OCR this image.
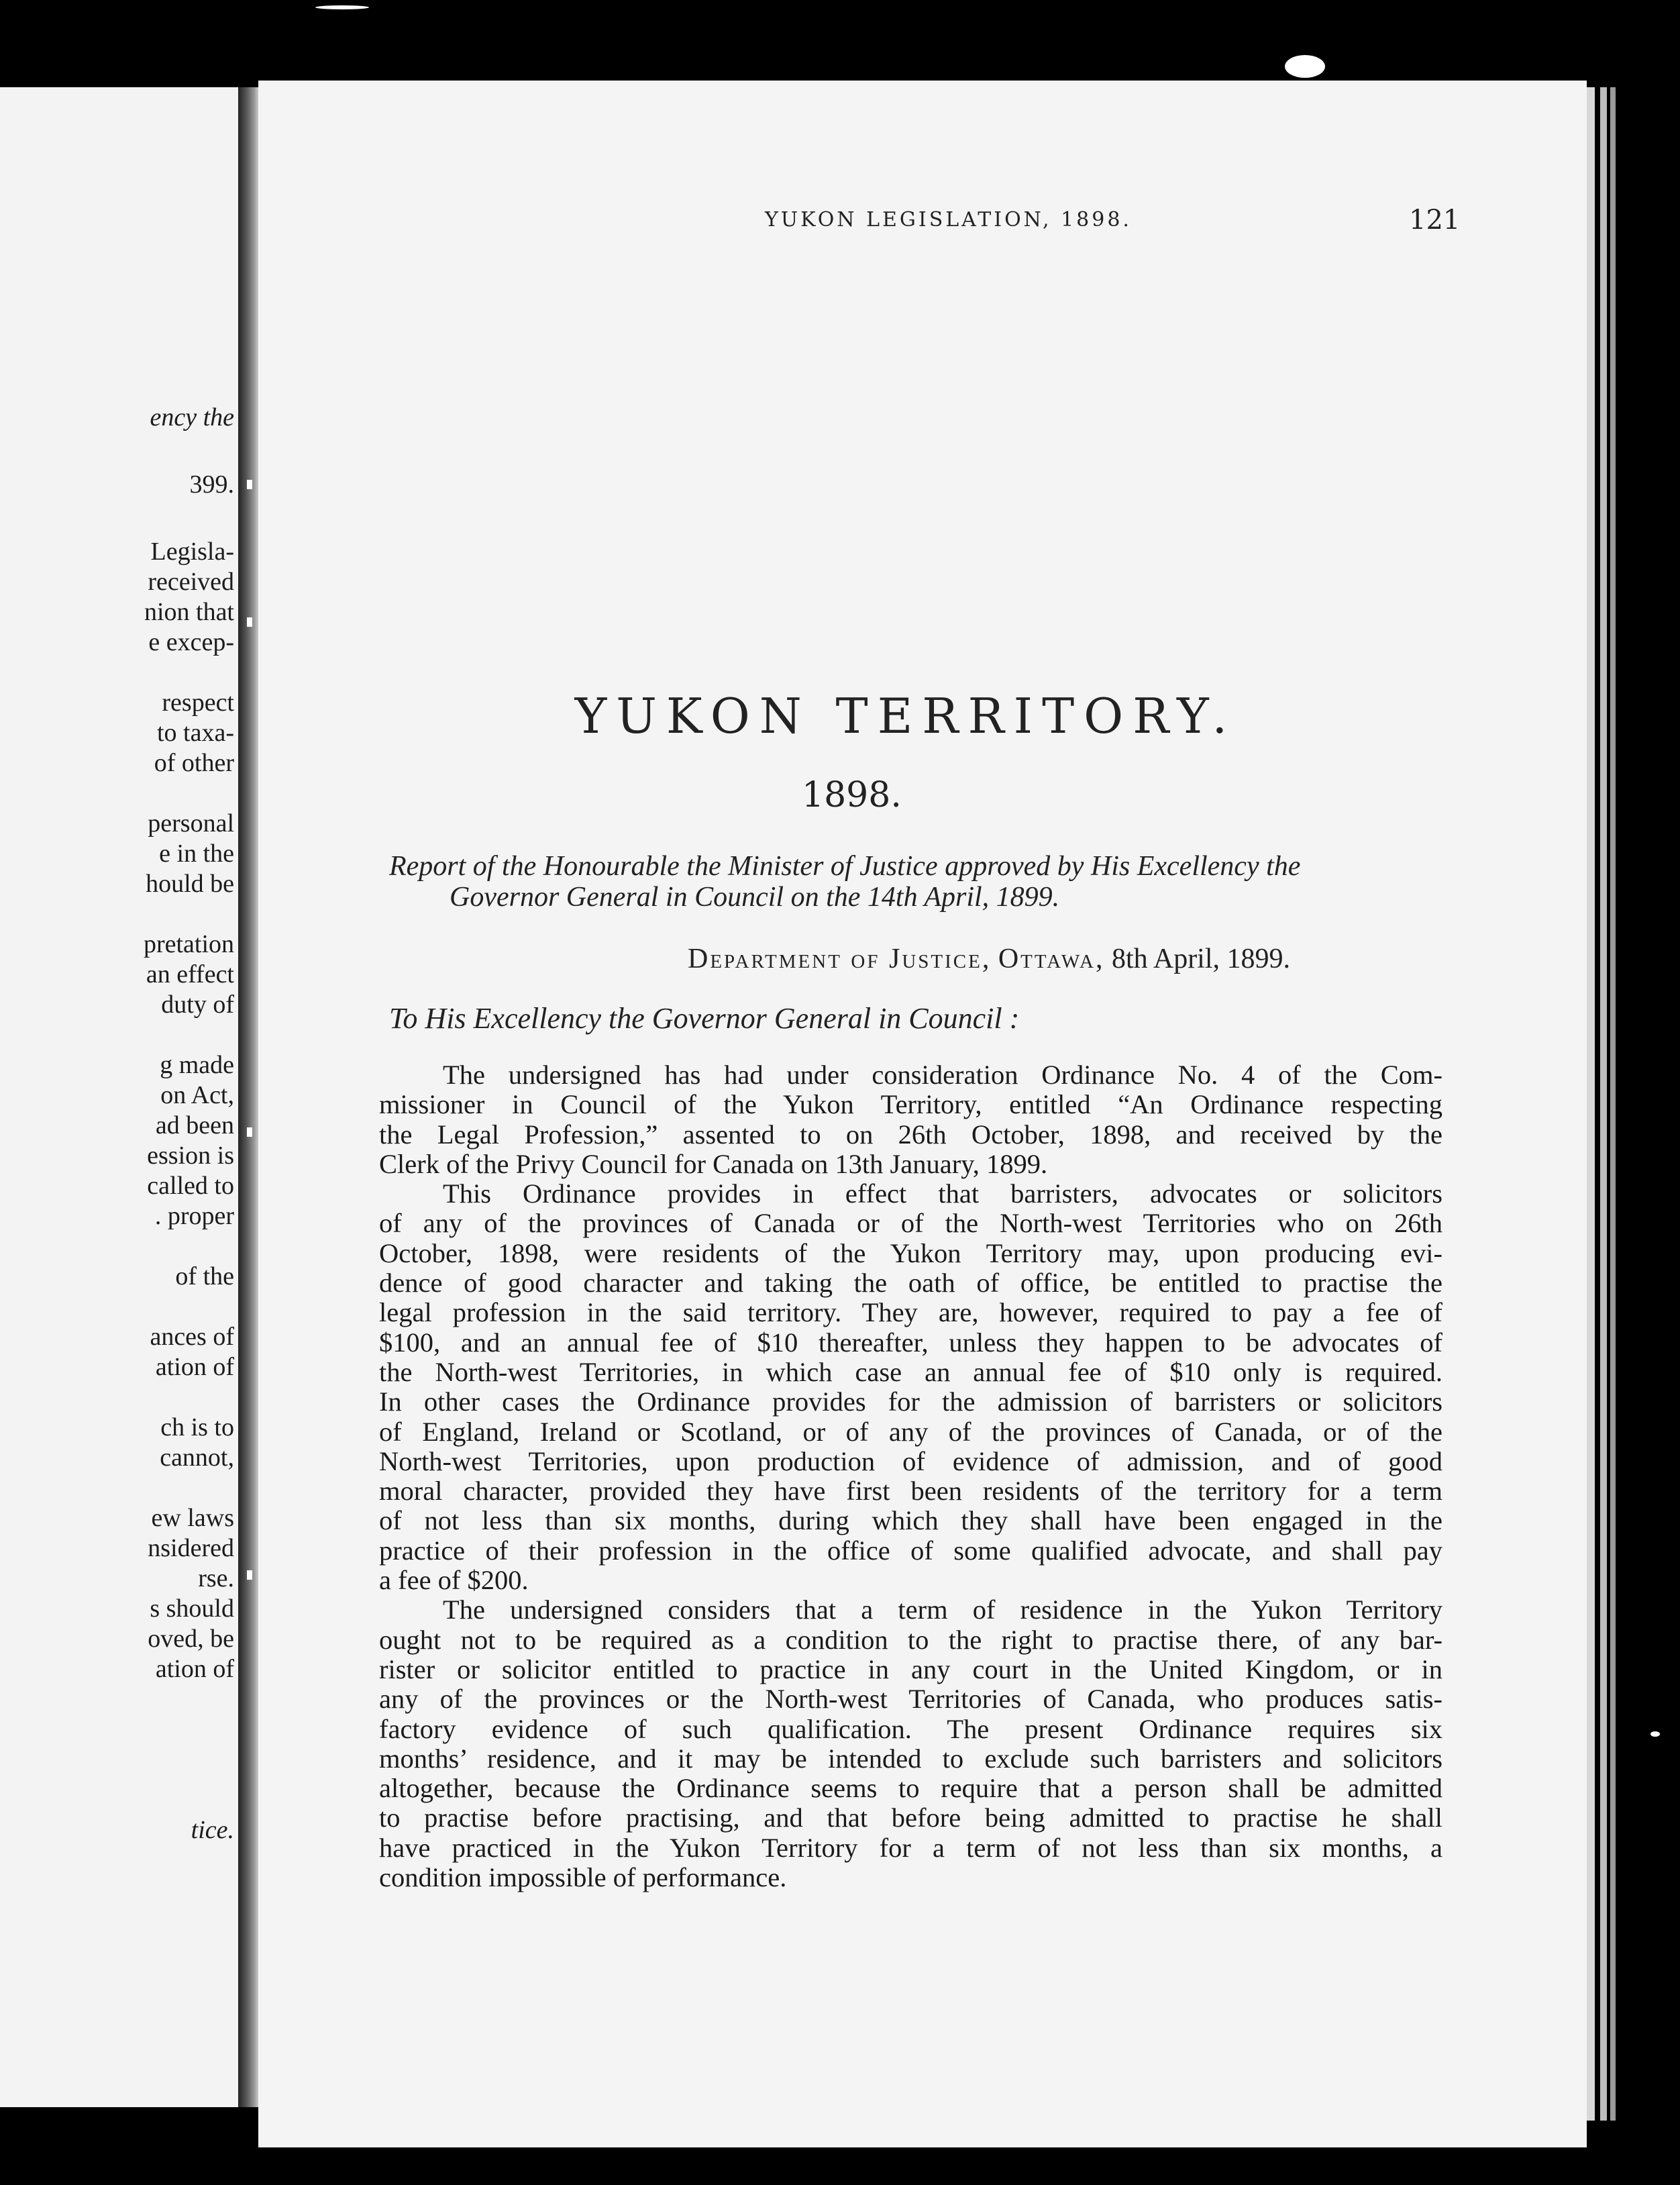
ency the
399.
Legisla-
received
nion that
e excep-
respect
to taxa-
of other
personal
e in the
hould be
pretation
an effect
duty of
g made
on Act,
ad been
ession is
called to
. proper
of the
ances of
ation of
ch is to
cannot,
ew laws
nsidered
rse.
s should
oved, be
ation of
tice.
YUKON LEGISLATION, 1898.	121
YUKON TERRITORY.
1898.
Report of the Honourable the Minister of Justice approved by His Excellency the
Governor General in Council on the 14th April, 1899.
Department of Justice, Ottawa, 8th April, 1899.
To His Excellency the Governor General in Council :
The undersigned has had under consideration Ordinance No. 4 of the Com-
missioner in Council of the Yukon Territory, entitled “An Ordinance respecting
the Legal Profession,” assented to on 26th October, 1898, and received by the
Clerk of the Privy Council for Canada on 13th January, 1899.
This Ordinance provides in effect that barristers, advocates or solicitors
of any of the provinces of Canada or of the North-west Territories who on 26th
October, 1898, were residents of the Yukon Territory may, upon producing evi-
dence of good character and taking the oath of office, be entitled to practise the
legal profession in the said territory. They are, however, required to pay a fee of
$100, and an annual fee of $10 thereafter, unless they happen to be advocates of
the North-west Territories, in which case an annual fee of $10 only is required.
In other cases the Ordinance provides for the admission of barristers or solicitors
of England, Ireland or Scotland, or of any of the provinces of Canada, or of the
North-west Territories, upon production of evidence of admission, and of good
moral character, provided they have first been residents of the territory for a term
of not less than six months, during which they shall have been engaged in the
practice of their profession in the office of some qualified advocate, and shall pay
a fee of $200.
The undersigned considers that a term of residence in the Yukon Territory
ought not to be required as a condition to the right to practise there, of any bar-
rister or solicitor entitled to practice in any court in the United Kingdom, or in
any of the provinces or the North-west Territories of Canada, who produces satis-
factory evidence of such qualification. The present Ordinance requires six
months’ residence, and it may be intended to exclude such barristers and solicitors
altogether, because the Ordinance seems to require that a person shall be admitted
to practise before practising, and that before being admitted to practise he shall
have practiced in the Yukon Territory for a term of not less than six months, a
condition impossible of performance.
